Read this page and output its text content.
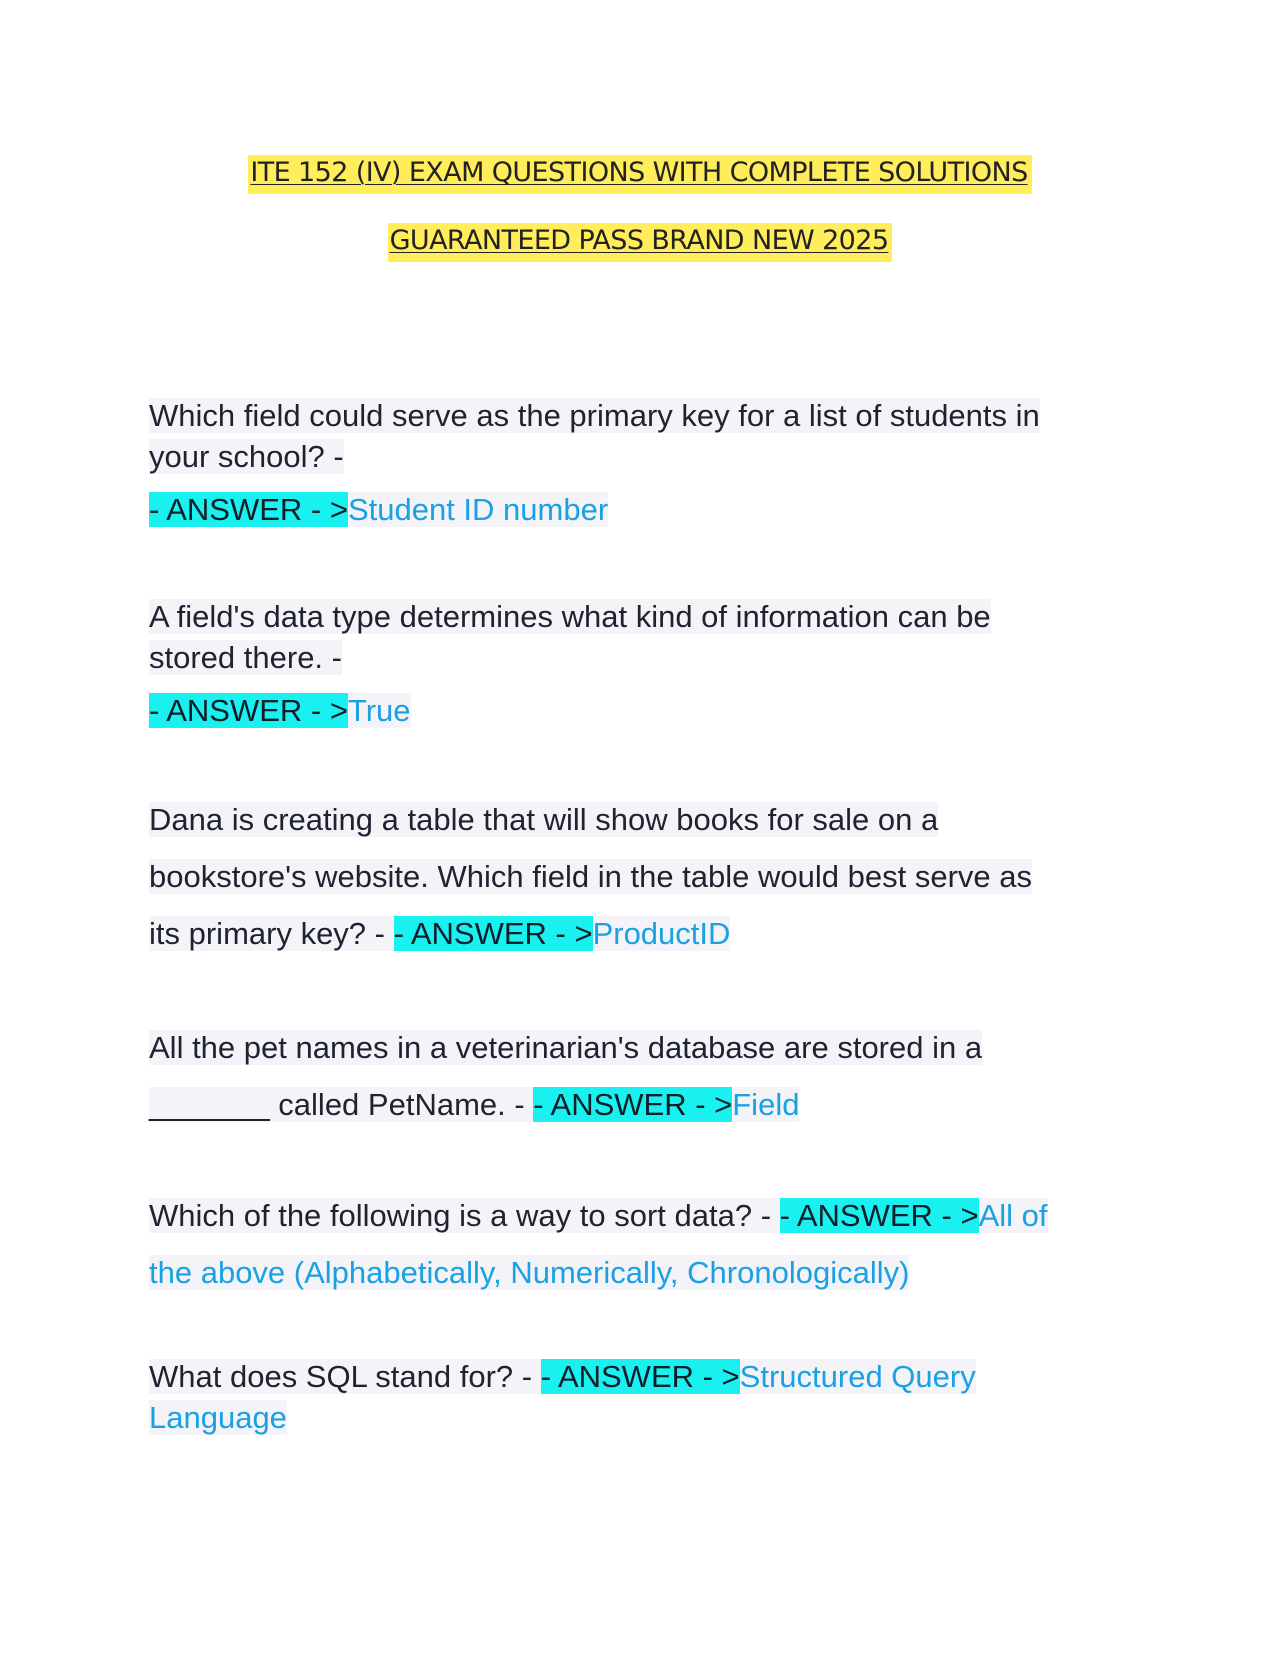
ITE 152 (IV) EXAM QUESTIONS WITH COMPLETE SOLUTIONS
GUARANTEED PASS BRAND NEW 2025
Which field could serve as the primary key for a list of students in
your school? -
- ANSWER - >Student ID number
A field's data type determines what kind of information can be
stored there. -
- ANSWER - >True
Dana is creating a table that will show books for sale on a
bookstore's website. Which field in the table would best serve as
its primary key? - - ANSWER - >ProductID
All the pet names in a veterinarian's database are stored in a
_______ called PetName. - - ANSWER - >Field
Which of the following is a way to sort data? - - ANSWER - >All of
the above (Alphabetically, Numerically, Chronologically)
What does SQL stand for? - - ANSWER - >Structured Query
Language
